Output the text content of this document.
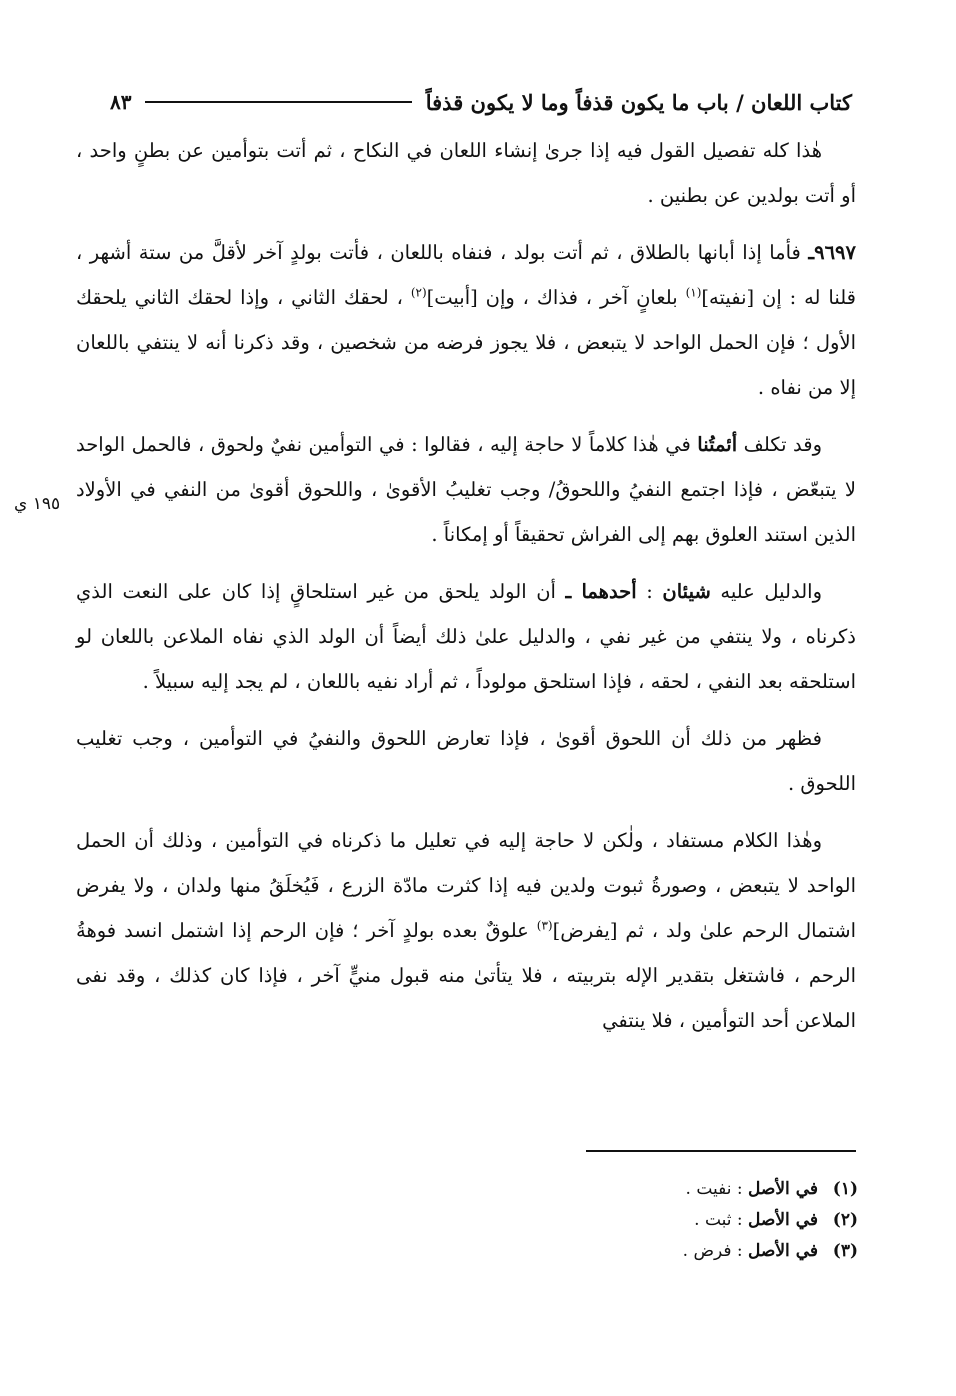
كتاب اللعان / باب ما يكون قذفاً وما لا يكون قذفاً
٨٣

هٰذا كله تفصيل القول فيه إذا جرىٰ إنشاء اللعان في النكاح ، ثم أتت بتوأمين عن بطنٍ واحد ، أو أتت بولدين عن بطنين .

٩٦٩٧ـ فأما إذا أبانها بالطلاق ، ثم أتت بولد ، فنفاه باللعان ، فأتت بولدٍ آخر لأقلَّ من ستة أشهر ، قلنا له : إن [نفيته]$^{(١)}$ بلعانٍ آخر ، فذاك ، وإن [أبيت]$^{(٢)}$ ، لحقك الثاني ، وإذا لحقك الثاني يلحقك الأول ؛ فإن الحمل الواحد لا يتبعض ، فلا يجوز فرضه من شخصين ، وقد ذكرنا أنه لا ينتفي باللعان إلا من نفاه .

وقد تكلف أئمتُنا في هٰذا كلاماً لا حاجة إليه ، فقالوا : في التوأمين نفيٌ ولحوق ، فالحمل الواحد لا يتبعّض ، فإذا اجتمع النفيُ واللحوقُ/ وجب تغليبُ الأقوىٰ ، واللحوق أقوىٰ من النفي في الأولاد الذين استند العلوق بهم إلى الفراش تحقيقاً أو إمكاناً .

والدليل عليه شيئان : أحدهما ـ أن الولد يلحق من غير استلحاقٍ إذا كان على النعت الذي ذكرناه ، ولا ينتفي من غير نفي ، والدليل علىٰ ذلك أيضاً أن الولد الذي نفاه الملاعن باللعان لو استلحقه بعد النفي ، لحقه ، فإذا استلحق مولوداً ، ثم أراد نفيه باللعان ، لم يجد إليه سبيلاً .

فظهر من ذلك أن اللحوق أقوىٰ ، فإذا تعارض اللحوق والنفيُ في التوأمين ، وجب تغليب اللحوق .

وهٰذا الكلام مستفاد ، ولٰكن لا حاجة إليه في تعليل ما ذكرناه في التوأمين ، وذلك أن الحمل الواحد لا يتبعض ، وصورةُ ثبوت ولدين فيه إذا كثرت مادّة الزرع ، فَيُخلَقُ منها ولدان ، ولا يفرض اشتمال الرحم علىٰ ولد ، ثم [يفرض]$^{(٣)}$ علوقٌ بعده بولدٍ آخر ؛ فإن الرحم إذا اشتمل انسد فوهةُ الرحم ، فاشتغل بتقدير الإله بتربيته ، فلا يتأتىٰ منه قبول منيٍّ آخر ، فإذا كان كذلك ، وقد نفى الملاعن أحد التوأمين ، فلا ينتفي

١٩٥ ي
(١)في الأصل : نفيت .
(٢)في الأصل : ثبت .
(٣)في الأصل : فرض .
